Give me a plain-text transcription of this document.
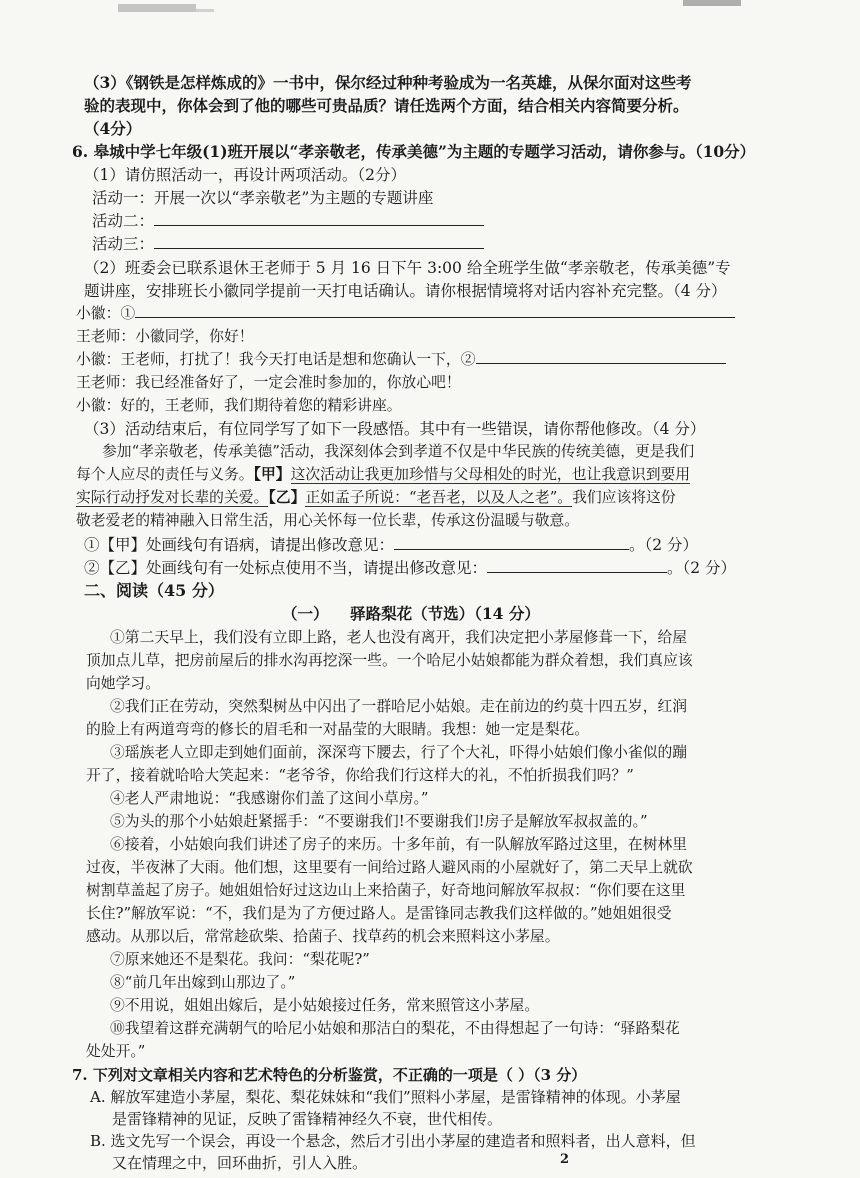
（3）《钢铁是怎样炼成的》一书中，保尔经过种种考验成为一名英雄，从保尔面对这些考
验的表现中，你体会到了他的哪些可贵品质？请任选两个方面，结合相关内容简要分析。
（4分）
6. 皋城中学七年级(1)班开展以“孝亲敬老，传承美德”为主题的专题学习活动，请你参与。（10分）
（1）请仿照活动一，再设计两项活动。（2分）
活动一：开展一次以“孝亲敬老”为主题的专题讲座
活动二：
活动三：
（2）班委会已联系退休王老师于 5 月 16 日下午 3:00 给全班学生做“孝亲敬老，传承美德”专
题讲座，安排班长小徽同学提前一天打电话确认。请你根据情境将对话内容补充完整。（4 分）
小徽：①
王老师：小徽同学，你好！
小徽：王老师，打扰了！我今天打电话是想和您确认一下，②
王老师：我已经准备好了，一定会准时参加的，你放心吧！
小徽：好的，王老师，我们期待着您的精彩讲座。
（3）活动结束后，有位同学写了如下一段感悟。其中有一些错误，请你帮他修改。（4 分）
参加“孝亲敬老，传承美德”活动，我深刻体会到孝道不仅是中华民族的传统美德，更是我们
每个人应尽的责任与义务。【甲】这次活动让我更加珍惜与父母相处的时光，也让我意识到要用
实际行动抒发对长辈的关爱。【乙】正如孟子所说：“老吾老，以及人之老”。我们应该将这份
敬老爱老的精神融入日常生活，用心关怀每一位长辈，传承这份温暖与敬意。
①【甲】处画线句有语病，请提出修改意见：	。（2 分）
②【乙】处画线句有一处标点使用不当，请提出修改意见：	。（2 分）
二、阅读（45 分）
（一） 驿路梨花（节选）（14 分）
①第二天早上，我们没有立即上路，老人也没有离开，我们决定把小茅屋修葺一下，给屋
顶加点儿草，把房前屋后的排水沟再挖深一些。一个哈尼小姑娘都能为群众着想，我们真应该
向她学习。
②我们正在劳动，突然梨树丛中闪出了一群哈尼小姑娘。走在前边的约莫十四五岁，红润
的脸上有两道弯弯的修长的眉毛和一对晶莹的大眼睛。我想：她一定是梨花。
③瑶族老人立即走到她们面前，深深弯下腰去，行了个大礼，吓得小姑娘们像小雀似的蹦
开了，接着就哈哈大笑起来：“老爷爷，你给我们行这样大的礼，不怕折损我们吗？”
④老人严肃地说：“我感谢你们盖了这间小草房。”
⑤为头的那个小姑娘赶紧摇手：“不要谢我们!不要谢我们!房子是解放军叔叔盖的。”
⑥接着，小姑娘向我们讲述了房子的来历。十多年前，有一队解放军路过这里，在树林里
过夜，半夜淋了大雨。他们想，这里要有一间给过路人避风雨的小屋就好了，第二天早上就砍
树割草盖起了房子。她姐姐恰好过这边山上来拾菌子，好奇地问解放军叔叔：“你们要在这里
长住?”解放军说：“不，我们是为了方便过路人。是雷锋同志教我们这样做的。”她姐姐很受
感动。从那以后，常常趁砍柴、拾菌子、找草药的机会来照料这小茅屋。
⑦原来她还不是梨花。我问：“梨花呢?”
⑧“前几年出嫁到山那边了。”
⑨不用说，姐姐出嫁后，是小姑娘接过任务，常来照管这小茅屋。
⑩我望着这群充满朝气的哈尼小姑娘和那洁白的梨花，不由得想起了一句诗：“驿路梨花
处处开。”
7. 下列对文章相关内容和艺术特色的分析鉴赏，不正确的一项是（ ）（3 分）
A. 解放军建造小茅屋，梨花、梨花妹妹和“我们”照料小茅屋，是雷锋精神的体现。小茅屋
是雷锋精神的见证，反映了雷锋精神经久不衰，世代相传。
B. 选文先写一个误会，再设一个悬念，然后才引出小茅屋的建造者和照料者，出人意料，但
又在情理之中，回环曲折，引人入胜。	2
